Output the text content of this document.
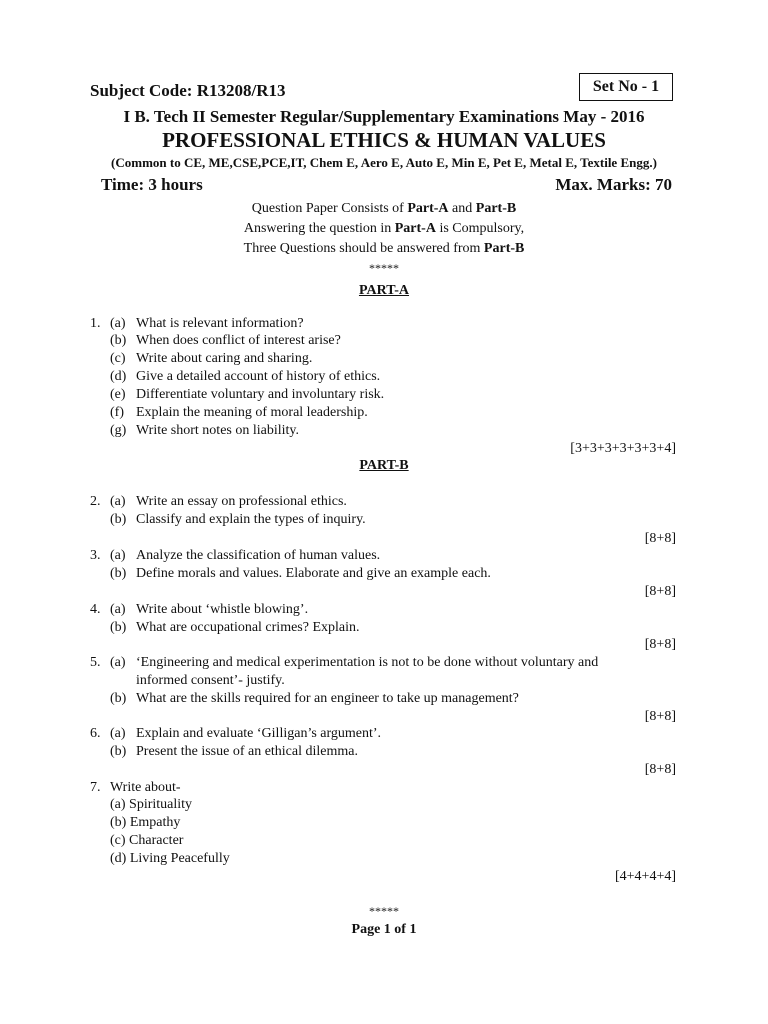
Subject Code: R13208/R13	Set No - 1
I B. Tech II Semester Regular/Supplementary Examinations May - 2016
PROFESSIONAL ETHICS & HUMAN VALUES
(Common to CE, ME,CSE,PCE,IT, Chem E, Aero E, Auto E, Min E, Pet E, Metal E, Textile Engg.)
Time: 3 hours	Max. Marks: 70
Question Paper Consists of Part-A and Part-B
Answering the question in Part-A is Compulsory,
Three Questions should be answered from Part-B
*****
PART-A
1. (a) What is relevant information?
(b) When does conflict of interest arise?
(c) Write about caring and sharing.
(d) Give a detailed account of history of ethics.
(e) Differentiate voluntary and involuntary risk.
(f) Explain the meaning of moral leadership.
(g) Write short notes on liability.
[3+3+3+3+3+3+4]
PART-B
2. (a) Write an essay on professional ethics.
(b) Classify and explain the types of inquiry.
[8+8]
3. (a) Analyze the classification of human values.
(b) Define morals and values. Elaborate and give an example each.
[8+8]
4. (a) Write about ‘whistle blowing’.
(b) What are occupational crimes? Explain.
[8+8]
5. (a) ‘Engineering and medical experimentation is not to be done without voluntary and
informed consent’- justify.
(b) What are the skills required for an engineer to take up management?
[8+8]
6. (a) Explain and evaluate ‘Gilligan’s argument’.
(b) Present the issue of an ethical dilemma.
[8+8]
7. Write about-
(a) Spirituality
(b) Empathy
(c) Character
(d) Living Peacefully
[4+4+4+4]
*****
Page 1 of 1
